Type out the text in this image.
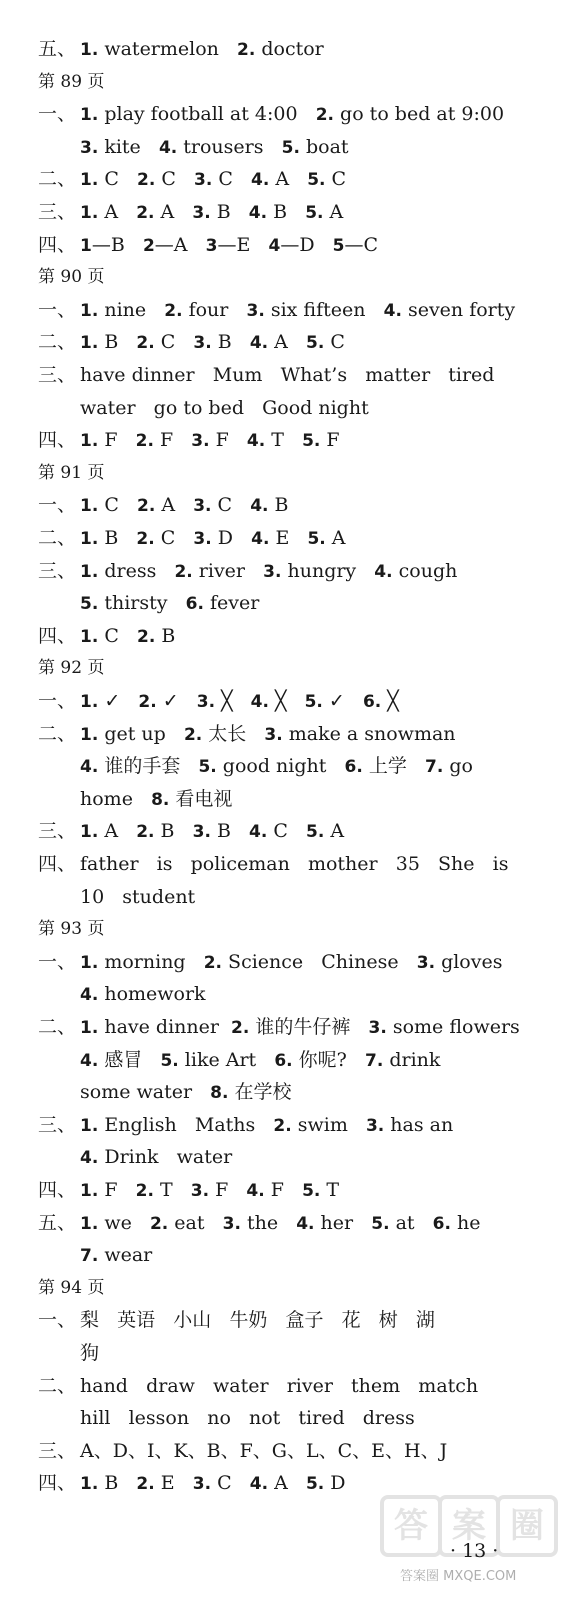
五、 1. watermelon   2. doctor
第 89 页
一、 1. play football at 4:00   2. go to bed at 9:00
3. kite   4. trousers   5. boat
二、 1. C   2. C   3. C   4. A   5. C
三、 1. A   2. A   3. B   4. B   5. A
四、 1—B   2—A   3—E   4—D   5—C
第 90 页
一、 1. nine   2. four   3. six fifteen   4. seven forty
二、 1. B   2. C   3. B   4. A   5. C
三、 have dinner   Mum   What’s   matter   tired
water   go to bed   Good night
四、 1. F   2. F   3. F   4. T   5. F
第 91 页
一、 1. C   2. A   3. C   4. B
二、 1. B   2. C   3. D   4. E   5. A
三、 1. dress   2. river   3. hungry   4. cough
5. thirsty   6. fever
四、 1. C   2. B
第 92 页
一、 1. ✓   2. ✓   3. ╳   4. ╳   5. ✓   6. ╳
二、 1. get up   2. 太长   3. make a snowman
4. 谁的手套   5. good night   6. 上学   7. go
home   8. 看电视
三、 1. A   2. B   3. B   4. C   5. A
四、 father   is   policeman   mother   35   She   is
10   student
第 93 页
一、 1. morning   2. Science   Chinese   3. gloves
4. homework
二、 1. have dinner  2. 谁的牛仔裤   3. some flowers
4. 感冒   5. like Art   6. 你呢?   7. drink
some water   8. 在学校
三、 1. English   Maths   2. swim   3. has an
4. Drink   water
四、 1. F   2. T   3. F   4. F   5. T
五、 1. we   2. eat   3. the   4. her   5. at   6. he
7. wear
第 94 页
一、 梨   英语   小山   牛奶   盒子   花   树   湖
狗
二、 hand   draw   water   river   them   match
hill   lesson   no   not   tired   dress
三、 A、D、I、K、B、F、G、L、C、E、H、J
四、 1. B   2. E   3. C   4. A   5. D
答 案 圈
· 13 ·
答案圈 MXQE.COM
